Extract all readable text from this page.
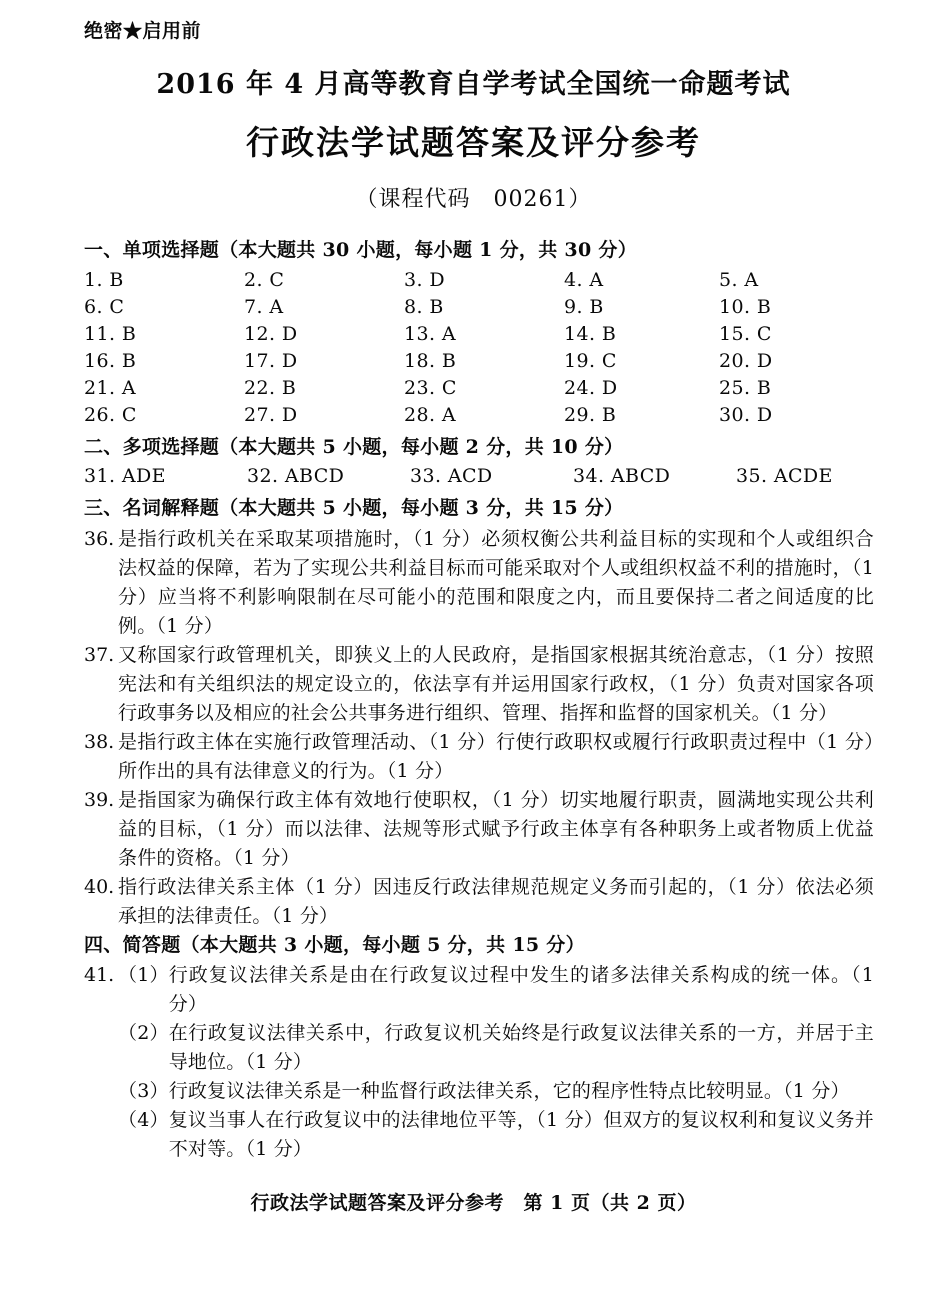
绝密★启用前
2016 年 4 月高等教育自学考试全国统一命题考试
行政法学试题答案及评分参考
（课程代码　00261）
一、单项选择题（本大题共 30 小题，每小题 1 分，共 30 分）
1. B	2. C	3. D	4. A	5. A
6. C	7. A	8. B	9. B	10. B
11. B	12. D	13. A	14. B	15. C
16. B	17. D	18. B	19. C	20. D
21. A	22. B	23. C	24. D	25. B
26. C	27. D	28. A	29. B	30. D
二、多项选择题（本大题共 5 小题，每小题 2 分，共 10 分）
31. ADE	32. ABCD	33. ACD	34. ABCD	35. ACDE
三、名词解释题（本大题共 5 小题，每小题 3 分，共 15 分）
36. 是指行政机关在采取某项措施时，（1 分）必须权衡公共利益目标的实现和个人或组织合法权益的保障，若为了实现公共利益目标而可能采取对个人或组织权益不利的措施时，（1 分）应当将不利影响限制在尽可能小的范围和限度之内，而且要保持二者之间适度的比例。（1 分）
37. 又称国家行政管理机关，即狭义上的人民政府，是指国家根据其统治意志，（1 分）按照宪法和有关组织法的规定设立的，依法享有并运用国家行政权，（1 分）负责对国家各项行政事务以及相应的社会公共事务进行组织、管理、指挥和监督的国家机关。（1 分）
38. 是指行政主体在实施行政管理活动、（1 分）行使行政职权或履行行政职责过程中（1 分）所作出的具有法律意义的行为。（1 分）
39. 是指国家为确保行政主体有效地行使职权，（1 分）切实地履行职责，圆满地实现公共利益的目标，（1 分）而以法律、法规等形式赋予行政主体享有各种职务上或者物质上优益条件的资格。（1 分）
40. 指行政法律关系主体（1 分）因违反行政法律规范规定义务而引起的，（1 分）依法必须承担的法律责任。（1 分）
四、简答题（本大题共 3 小题，每小题 5 分，共 15 分）
41. （1） 行政复议法律关系是由在行政复议过程中发生的诸多法律关系构成的统一体。（1 分）
（2） 在行政复议法律关系中，行政复议机关始终是行政复议法律关系的一方，并居于主导地位。（1 分）
（3） 行政复议法律关系是一种监督行政法律关系，它的程序性特点比较明显。（1 分）
（4） 复议当事人在行政复议中的法律地位平等，（1 分）但双方的复议权利和复议义务并不对等。（1 分）
行政法学试题答案及评分参考　第 1 页（共 2 页）
